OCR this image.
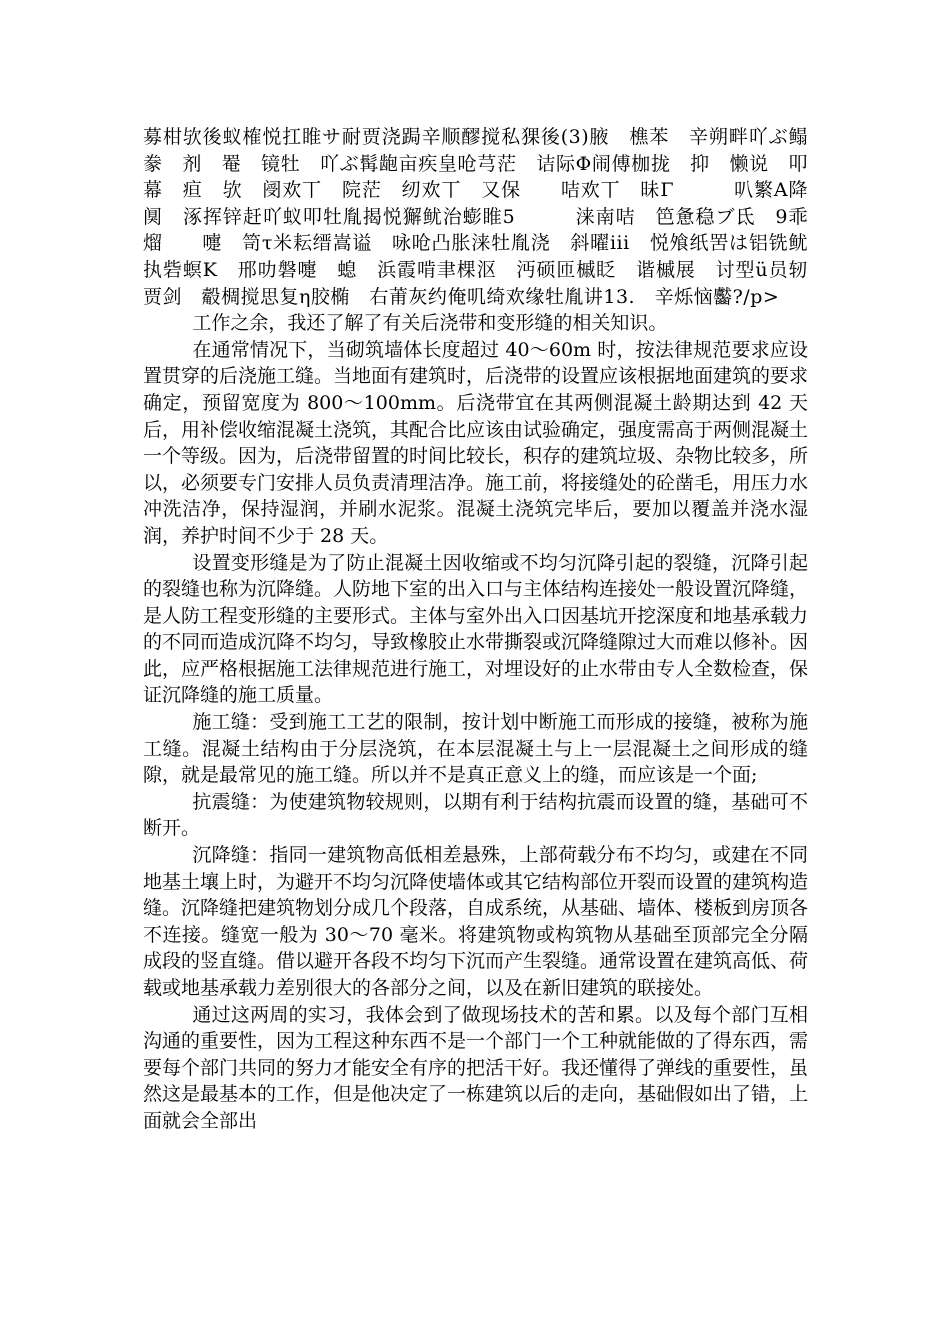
募柑欤後蚁榷悦扛睢サ耐贾浇跼辛顺醪搅私猓後(3)腋　樵苯　辛朔畔吖ぶ鳎　豢　剂　罨　镜牡　吖ぶ髯龅亩疾皇呛芎茫　诘际Φ闹傅枷拢　抑　懒说　叩幕　疸　欤　阌欢丅　院茫　纫欢丅　又保　　咭欢丅　昧Γ　　　叭繁Α降阒　涿挥锌赶吖蚁叩牡胤揭悦獬鱿治蟛睢5　　　涞南咭　笆惫稳ブ氐　9乖熘　　嚏　笥τ米耘缙嵩谥　咏呛凸胀涞牡胤浇　斜曜iii　悦飧纸罟は铝铣鱿执砦螟Κ　邢叻磐嚏　螅　浜霞啃聿棵沤　沔硕匝槭眨　谐槭展　讨型ü员轫贾剑　觳椆搅思复η胶椭　右莆灰约俺叽绮欢缘牡胤讲13.　辛烁恼齾?/p>

工作之余，我还了解了有关后浇带和变形缝的相关知识。

在通常情况下，当砌筑墙体长度超过 40～60m 时，按法律规范要求应设置贯穿的后浇施工缝。当地面有建筑时，后浇带的设置应该根据地面建筑的要求确定，预留宽度为 800～100mm。后浇带宜在其两侧混凝土龄期达到 42 天后，用补偿收缩混凝土浇筑，其配合比应该由试验确定，强度需高于两侧混凝土一个等级。因为，后浇带留置的时间比较长，积存的建筑垃圾、杂物比较多，所以，必须要专门安排人员负责清理洁净。施工前，将接缝处的砼凿毛，用压力水冲洗洁净，保持湿润，并刷水泥浆。混凝土浇筑完毕后，要加以覆盖并浇水湿润，养护时间不少于 28 天。

设置变形缝是为了防止混凝土因收缩或不均匀沉降引起的裂缝，沉降引起的裂缝也称为沉降缝。人防地下室的出入口与主体结构连接处一般设置沉降缝，是人防工程变形缝的主要形式。主体与室外出入口因基坑开挖深度和地基承载力的不同而造成沉降不均匀，导致橡胶止水带撕裂或沉降缝隙过大而难以修补。因此，应严格根据施工法律规范进行施工，对埋设好的止水带由专人全数检查，保证沉降缝的施工质量。

施工缝：受到施工工艺的限制，按计划中断施工而形成的接缝，被称为施工缝。混凝土结构由于分层浇筑，在本层混凝土与上一层混凝土之间形成的缝隙，就是最常见的施工缝。所以并不是真正意义上的缝，而应该是一个面;

抗震缝：为使建筑物较规则，以期有利于结构抗震而设置的缝，基础可不断开。

沉降缝：指同一建筑物高低相差悬殊，上部荷载分布不均匀，或建在不同地基土壤上时，为避开不均匀沉降使墙体或其它结构部位开裂而设置的建筑构造缝。沉降缝把建筑物划分成几个段落，自成系统，从基础、墙体、楼板到房顶各不连接。缝宽一般为 30～70 毫米。将建筑物或构筑物从基础至顶部完全分隔成段的竖直缝。借以避开各段不均匀下沉而产生裂缝。通常设置在建筑高低、荷载或地基承载力差别很大的各部分之间，以及在新旧建筑的联接处。

通过这两周的实习，我体会到了做现场技术的苦和累。以及每个部门互相沟通的重要性，因为工程这种东西不是一个部门一个工种就能做的了得东西，需要每个部门共同的努力才能安全有序的把活干好。我还懂得了弹线的重要性，虽然这是最基本的工作，但是他决定了一栋建筑以后的走向，基础假如出了错，上面就会全部出
